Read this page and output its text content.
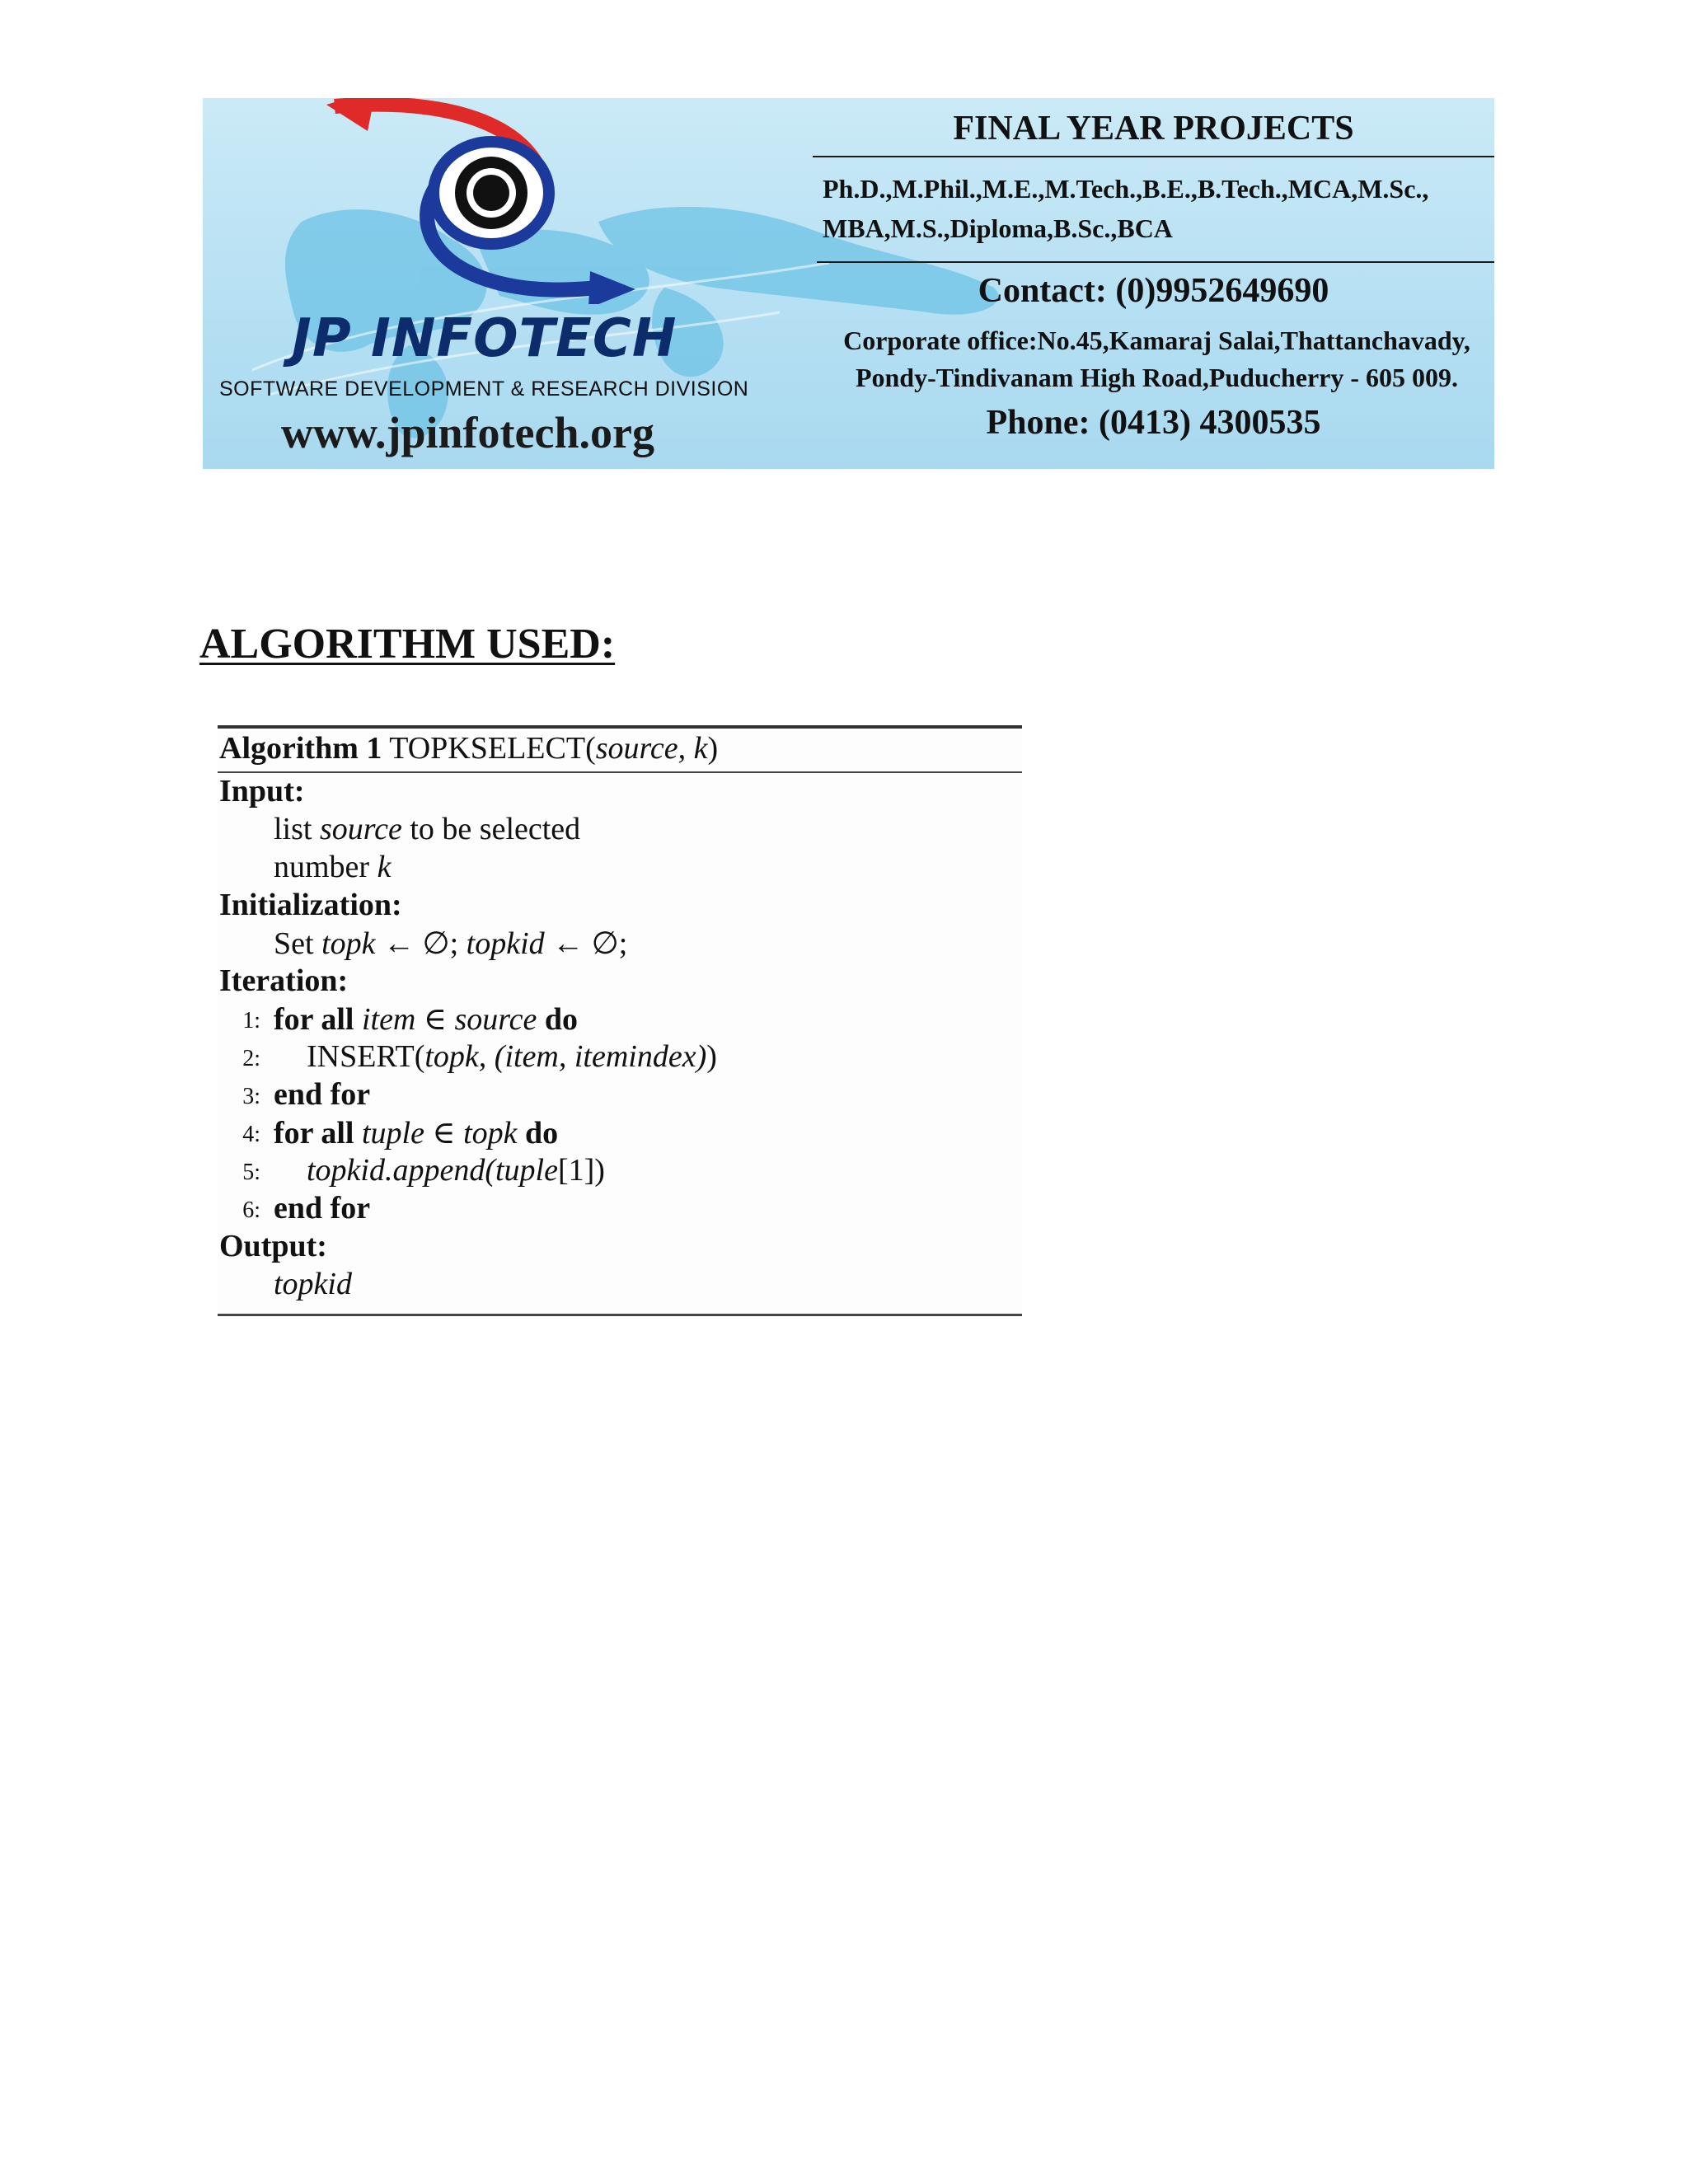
JP INFOTECH
SOFTWARE DEVELOPMENT & RESEARCH DIVISION
www.jpinfotech.org
FINAL YEAR PROJECTS
Ph.D.,M.Phil.,M.E.,M.Tech.,B.E.,B.Tech.,MCA,M.Sc., MBA,M.S.,Diploma,B.Sc.,BCA
Contact: (0)9952649690
Corporate office:No.45,Kamaraj Salai,Thattanchavady, Pondy-Tindivanam High Road,Puducherry - 605 009.
Phone: (0413) 4300535
ALGORITHM USED:
Algorithm 1 TOPKSELECT(source, k)
Input:
list source to be selected
number k
Initialization:
Set topk ← ∅; topkid ← ∅;
Iteration:
1: for all item ∈ source do
2: INSERT(topk, (item, itemindex))
3: end for
4: for all tuple ∈ topk do
5: topkid.append(tuple[1])
6: end for
Output:
topkid
